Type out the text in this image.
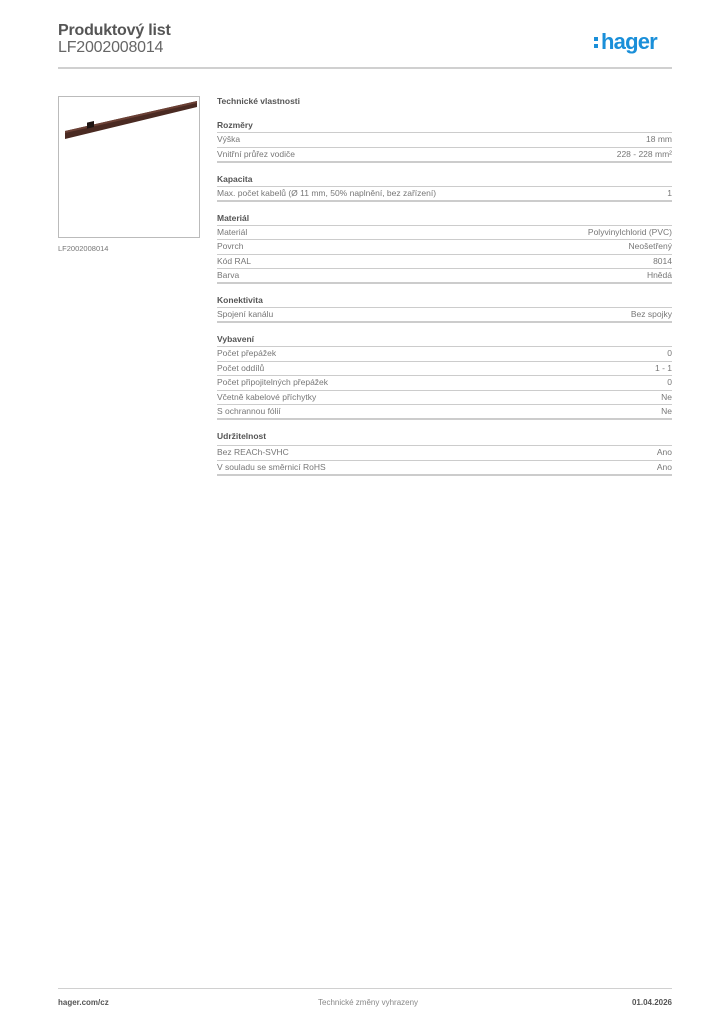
Produktový list
LF2002008014	hager
LF2002008014
Technické vlastnosti
Rozměry
Výška	18 mm
Vnitřní průřez vodiče	228 - 228 mm²
Kapacita
Max. počet kabelů (Ø 11 mm, 50% naplnění, bez zařízení)	1
Materiál
Materiál	Polyvinylchlorid (PVC)
Povrch	Neošetřený
Kód RAL	8014
Barva	Hnědá
Konektivita
Spojení kanálu	Bez spojky
Vybavení
Počet přepážek	0
Počet oddílů	1 - 1
Počet připojitelných přepážek	0
Včetně kabelové příchytky	Ne
S ochrannou fólií	Ne
Udržitelnost
Bez REACh-SVHC	Ano
V souladu se směrnicí RoHS	Ano
hager.com/cz	Technické změny vyhrazeny	01.04.2026
